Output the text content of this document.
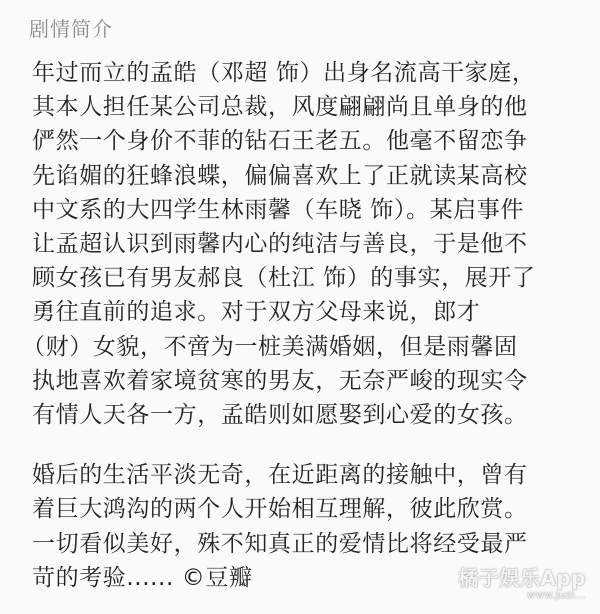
剧情简介
年过而立的孟皓（邓超 饰）出身名流高干家庭，
其本人担任某公司总裁，风度翩翩尚且单身的他
俨然一个身价不菲的钻石王老五。他毫不留恋争
先谄媚的狂蜂浪蝶，偏偏喜欢上了正就读某高校
中文系的大四学生林雨馨（车晓 饰）。某启事件
让孟超认识到雨馨内心的纯洁与善良，于是他不
顾女孩已有男友郝良（杜江 饰）的事实，展开了
勇往直前的追求。对于双方父母来说，郎才
（财）女貌，不啻为一桩美满婚姻，但是雨馨固
执地喜欢着家境贫寒的男友，无奈严峻的现实令
有情人天各一方，孟皓则如愿娶到心爱的女孩。
婚后的生活平淡无奇，在近距离的接触中，曾有
着巨大鸿沟的两个人开始相互理解，彼此欣赏。
一切看似美好，殊不知真正的爱情比将经受最严
苛的考验...... ©豆瓣	橘子娱乐App
www.juzi...
